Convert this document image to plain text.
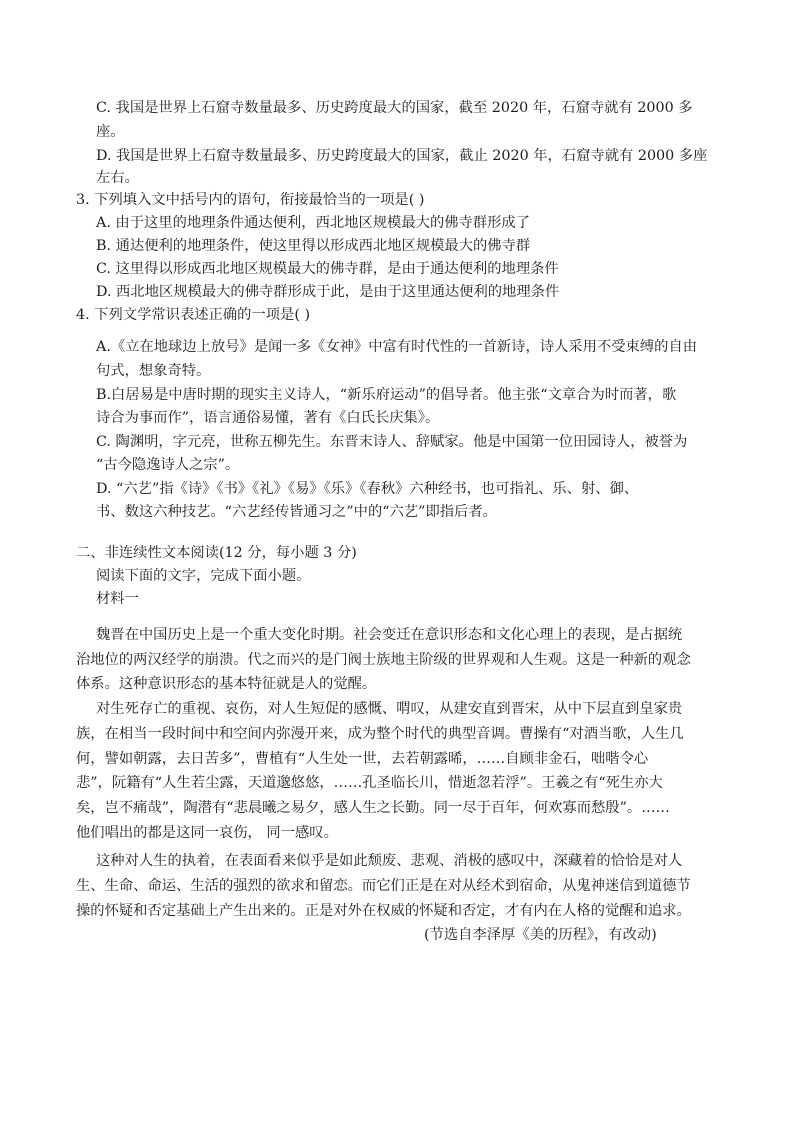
C. 我国是世界上石窟寺数量最多、历史跨度最大的国家，截至 2020 年，石窟寺就有 2000 多
座。
D. 我国是世界上石窟寺数量最多、历史跨度最大的国家，截止 2020 年，石窟寺就有 2000 多座
左右。
3. 下列填入文中括号内的语句，衔接最恰当的一项是( )
A. 由于这里的地理条件通达便利，西北地区规模最大的佛寺群形成了
B. 通达便利的地理条件，使这里得以形成西北地区规模最大的佛寺群
C. 这里得以形成西北地区规模最大的佛寺群，是由于通达便利的地理条件
D. 西北地区规模最大的佛寺群形成于此，是由于这里通达便利的地理条件
4. 下列文学常识表述正确的一项是( )
A.《立在地球边上放号》是闻一多《女神》中富有时代性的一首新诗，诗人采用不受束缚的自由
句式，想象奇特。
B.白居易是中唐时期的现实主义诗人，“新乐府运动”的倡导者。他主张“文章合为时而著，歌
诗合为事而作”，语言通俗易懂，著有《白氏长庆集》。
C. 陶渊明，字元亮，世称五柳先生。东晋末诗人、辞赋家。他是中国第一位田园诗人，被誉为
“古今隐逸诗人之宗”。
D. “六艺”指《诗》《书》《礼》《易》《乐》《春秋》六种经书，也可指礼、乐、射、御、
书、数这六种技艺。“六艺经传皆通习之”中的“六艺”即指后者。
二、非连续性文本阅读(12 分，每小题 3 分)
阅读下面的文字，完成下面小题。
材料一
魏晋在中国历史上是一个重大变化时期。社会变迁在意识形态和文化心理上的表现，是占据统
治地位的两汉经学的崩溃。代之而兴的是门阀士族地主阶级的世界观和人生观。这是一种新的观念
体系。这种意识形态的基本特征就是人的觉醒。
对生死存亡的重视、哀伤，对人生短促的感慨、喟叹，从建安直到晋宋，从中下层直到皇家贵
族，在相当一段时间中和空间内弥漫开来，成为整个时代的典型音调。曹操有“对酒当歌，人生几
何，譬如朝露，去日苦多”，曹植有“人生处一世，去若朝露晞，……自顾非金石，咄喈令心
悲”，阮籍有“人生若尘露，天道邈悠悠，……孔圣临长川，惜逝忽若浮”。王羲之有“死生亦大
矣，岂不痛哉”，陶潜有“悲晨曦之易夕，感人生之长勤。同一尽于百年，何欢寡而愁殷”。……
他们唱出的都是这同一哀伤， 同一感叹。
这种对人生的执着，在表面看来似乎是如此颓废、悲观、消极的感叹中，深藏着的恰恰是对人
生、生命、命运、生活的强烈的欲求和留恋。而它们正是在对从经术到宿命，从鬼神迷信到道德节
操的怀疑和否定基础上产生出来的。正是对外在权威的怀疑和否定，才有内在人格的觉醒和追求。
(节选自李泽厚《美的历程》，有改动)
